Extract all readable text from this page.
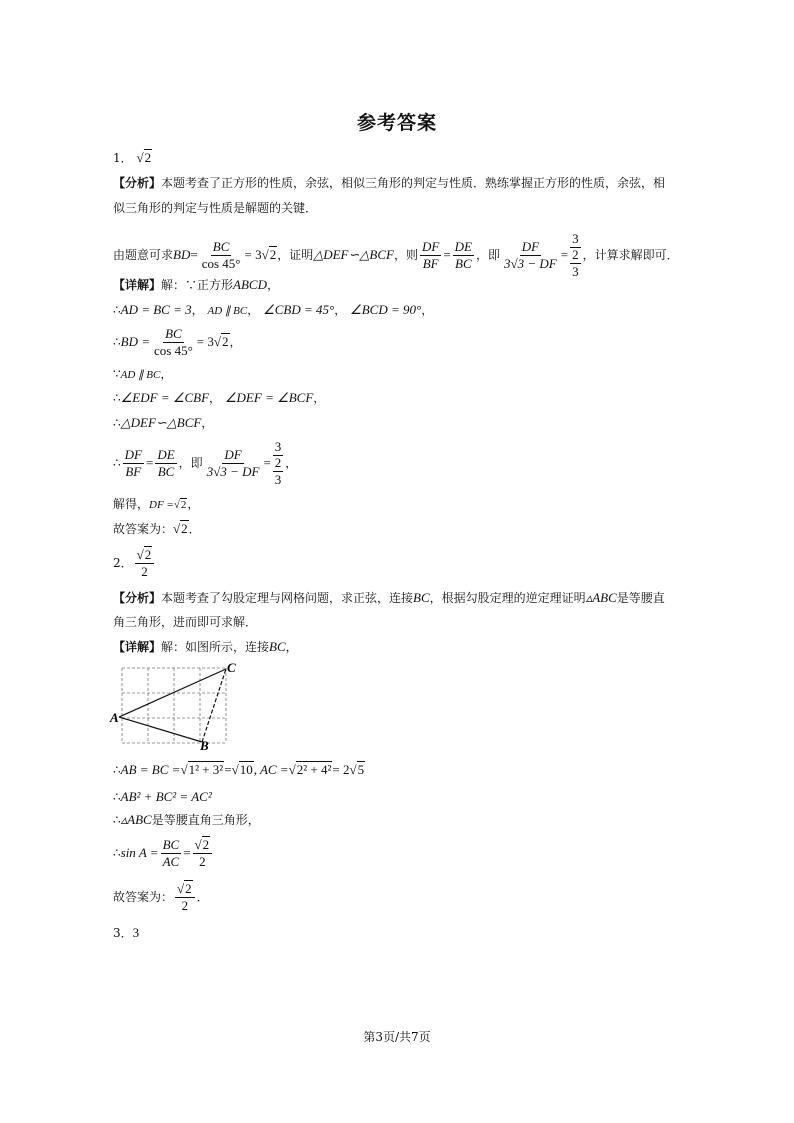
参考答案
1． √2
【分析】本题考查了正方形的性质，余弦，相似三角形的判定与性质．熟练掌握正方形的性质，余弦，相
似三角形的判定与性质是解题的关键．
由题意可求$BD= \frac{BC}{\cos 45^\circ} = 3√2$，证明△DEF∽△BCF，则 $\frac{DF}{BF} = \frac{DE}{BC}$ ，即 $\frac{DF}{3√3 - DF}$ =
3
2
3
，计算求解即可．
【详解】解：∵正方形ABCD，
∴AD = BC = 3， AD ∥ BC， ∠CBD = 45°， ∠BCD = 90°，
∴BD = $\frac{BC}{\cos 45^\circ} = 3√2$，
∵AD ∥ BC，
∴∠EDF = ∠CBF， ∠DEF = ∠BCF，
∴△DEF∽△BCF，
∴ $\frac{DF}{BF} = \frac{DE}{BC}$ ，即 $\frac{DF}{3√3 - DF}$ =
3
2
3
，
解得，DF =√2，
故答案为：√2．
2． $\frac{√2}{2}$
【分析】本题考查了勾股定理与网格问题，求正弦，连接BC，根据勾股定理的逆定理证明▵ABC是等腰直
角三角形，进而即可求解．
【详解】解：如图所示，连接BC，
A
B
C
∴AB = BC =√1² + 3²=√10, AC =√2² + 4²= 2√5
∴AB² + BC² = AC²
∴▵ABC是等腰直角三角形，
∴sin $A = \frac{BC}{AC} = \frac{√2}{2}$
故答案为： $\frac{√2}{2}$ ．
3．3
第3页/共7页
